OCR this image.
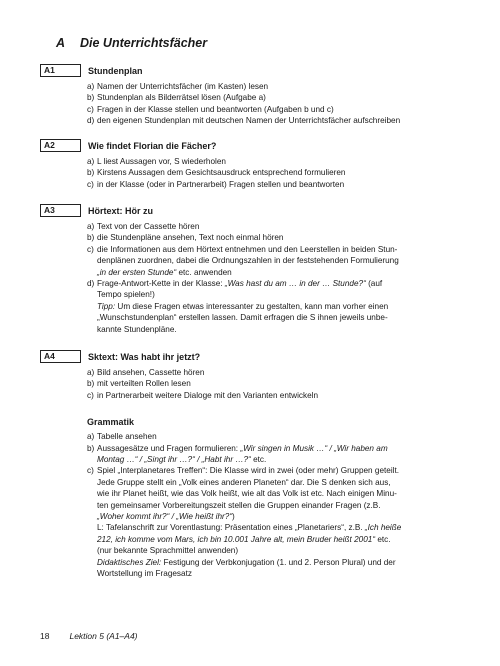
A Die Unterrichtsfächer
A1	Stundenplan
a) Namen der Unterrichtsfächer (im Kasten) lesen
b) Stundenplan als Bilderrätsel lösen (Aufgabe a)
c) Fragen in der Klasse stellen und beantworten (Aufgaben b und c)
d) den eigenen Stundenplan mit deutschen Namen der Unterrichtsfächer aufschreiben
A2	Wie findet Florian die Fächer?
a) L liest Aussagen vor, S wiederholen
b) Kirstens Aussagen dem Gesichtsausdruck entsprechend formulieren
c) in der Klasse (oder in Partnerarbeit) Fragen stellen und beantworten
A3	Hörtext: Hör zu
a) Text von der Cassette hören
b) die Stundenpläne ansehen, Text noch einmal hören
c) die Informationen aus dem Hörtext entnehmen und den Leerstellen in beiden Stun-
denplänen zuordnen, dabei die Ordnungszahlen in der feststehenden Formulierung
„in der ersten Stunde“ etc. anwenden
d) Frage-Antwort-Kette in der Klasse: „Was hast du am … in der … Stunde?“ (auf
Tempo spielen!)
Tipp: Um diese Fragen etwas interessanter zu gestalten, kann man vorher einen
„Wunschstundenplan“ erstellen lassen. Damit erfragen die S ihnen jeweils unbe-
kannte Stundenpläne.
A4	Sktext: Was habt ihr jetzt?
a) Bild ansehen, Cassette hören
b) mit verteilten Rollen lesen
c) in Partnerarbeit weitere Dialoge mit den Varianten entwickeln
Grammatik
a) Tabelle ansehen
b) Aussagesätze und Fragen formulieren: „Wir singen in Musik …“ / „Wir haben am
Montag …“ / „Singt ihr …?“ / „Habt ihr …?“ etc.
c) Spiel „Interplanetares Treffen“: Die Klasse wird in zwei (oder mehr) Gruppen geteilt.
Jede Gruppe stellt ein „Volk eines anderen Planeten“ dar. Die S denken sich aus,
wie ihr Planet heißt, wie das Volk heißt, wie alt das Volk ist etc. Nach einigen Minu-
ten gemeinsamer Vorbereitungszeit stellen die Gruppen einander Fragen (z.B.
„Woher kommt ihr?“ / „Wie heißt ihr?“)
L: Tafelanschrift zur Vorentlastung: Präsentation eines „Planetariers“, z.B. „Ich heiße
212, ich komme vom Mars, ich bin 10.001 Jahre alt, mein Bruder heißt 2001“ etc.
(nur bekannte Sprachmittel anwenden)
Didaktisches Ziel: Festigung der Verbkonjugation (1. und 2. Person Plural) und der
Wortstellung im Fragesatz
18 Lektion 5 (A1–A4)
